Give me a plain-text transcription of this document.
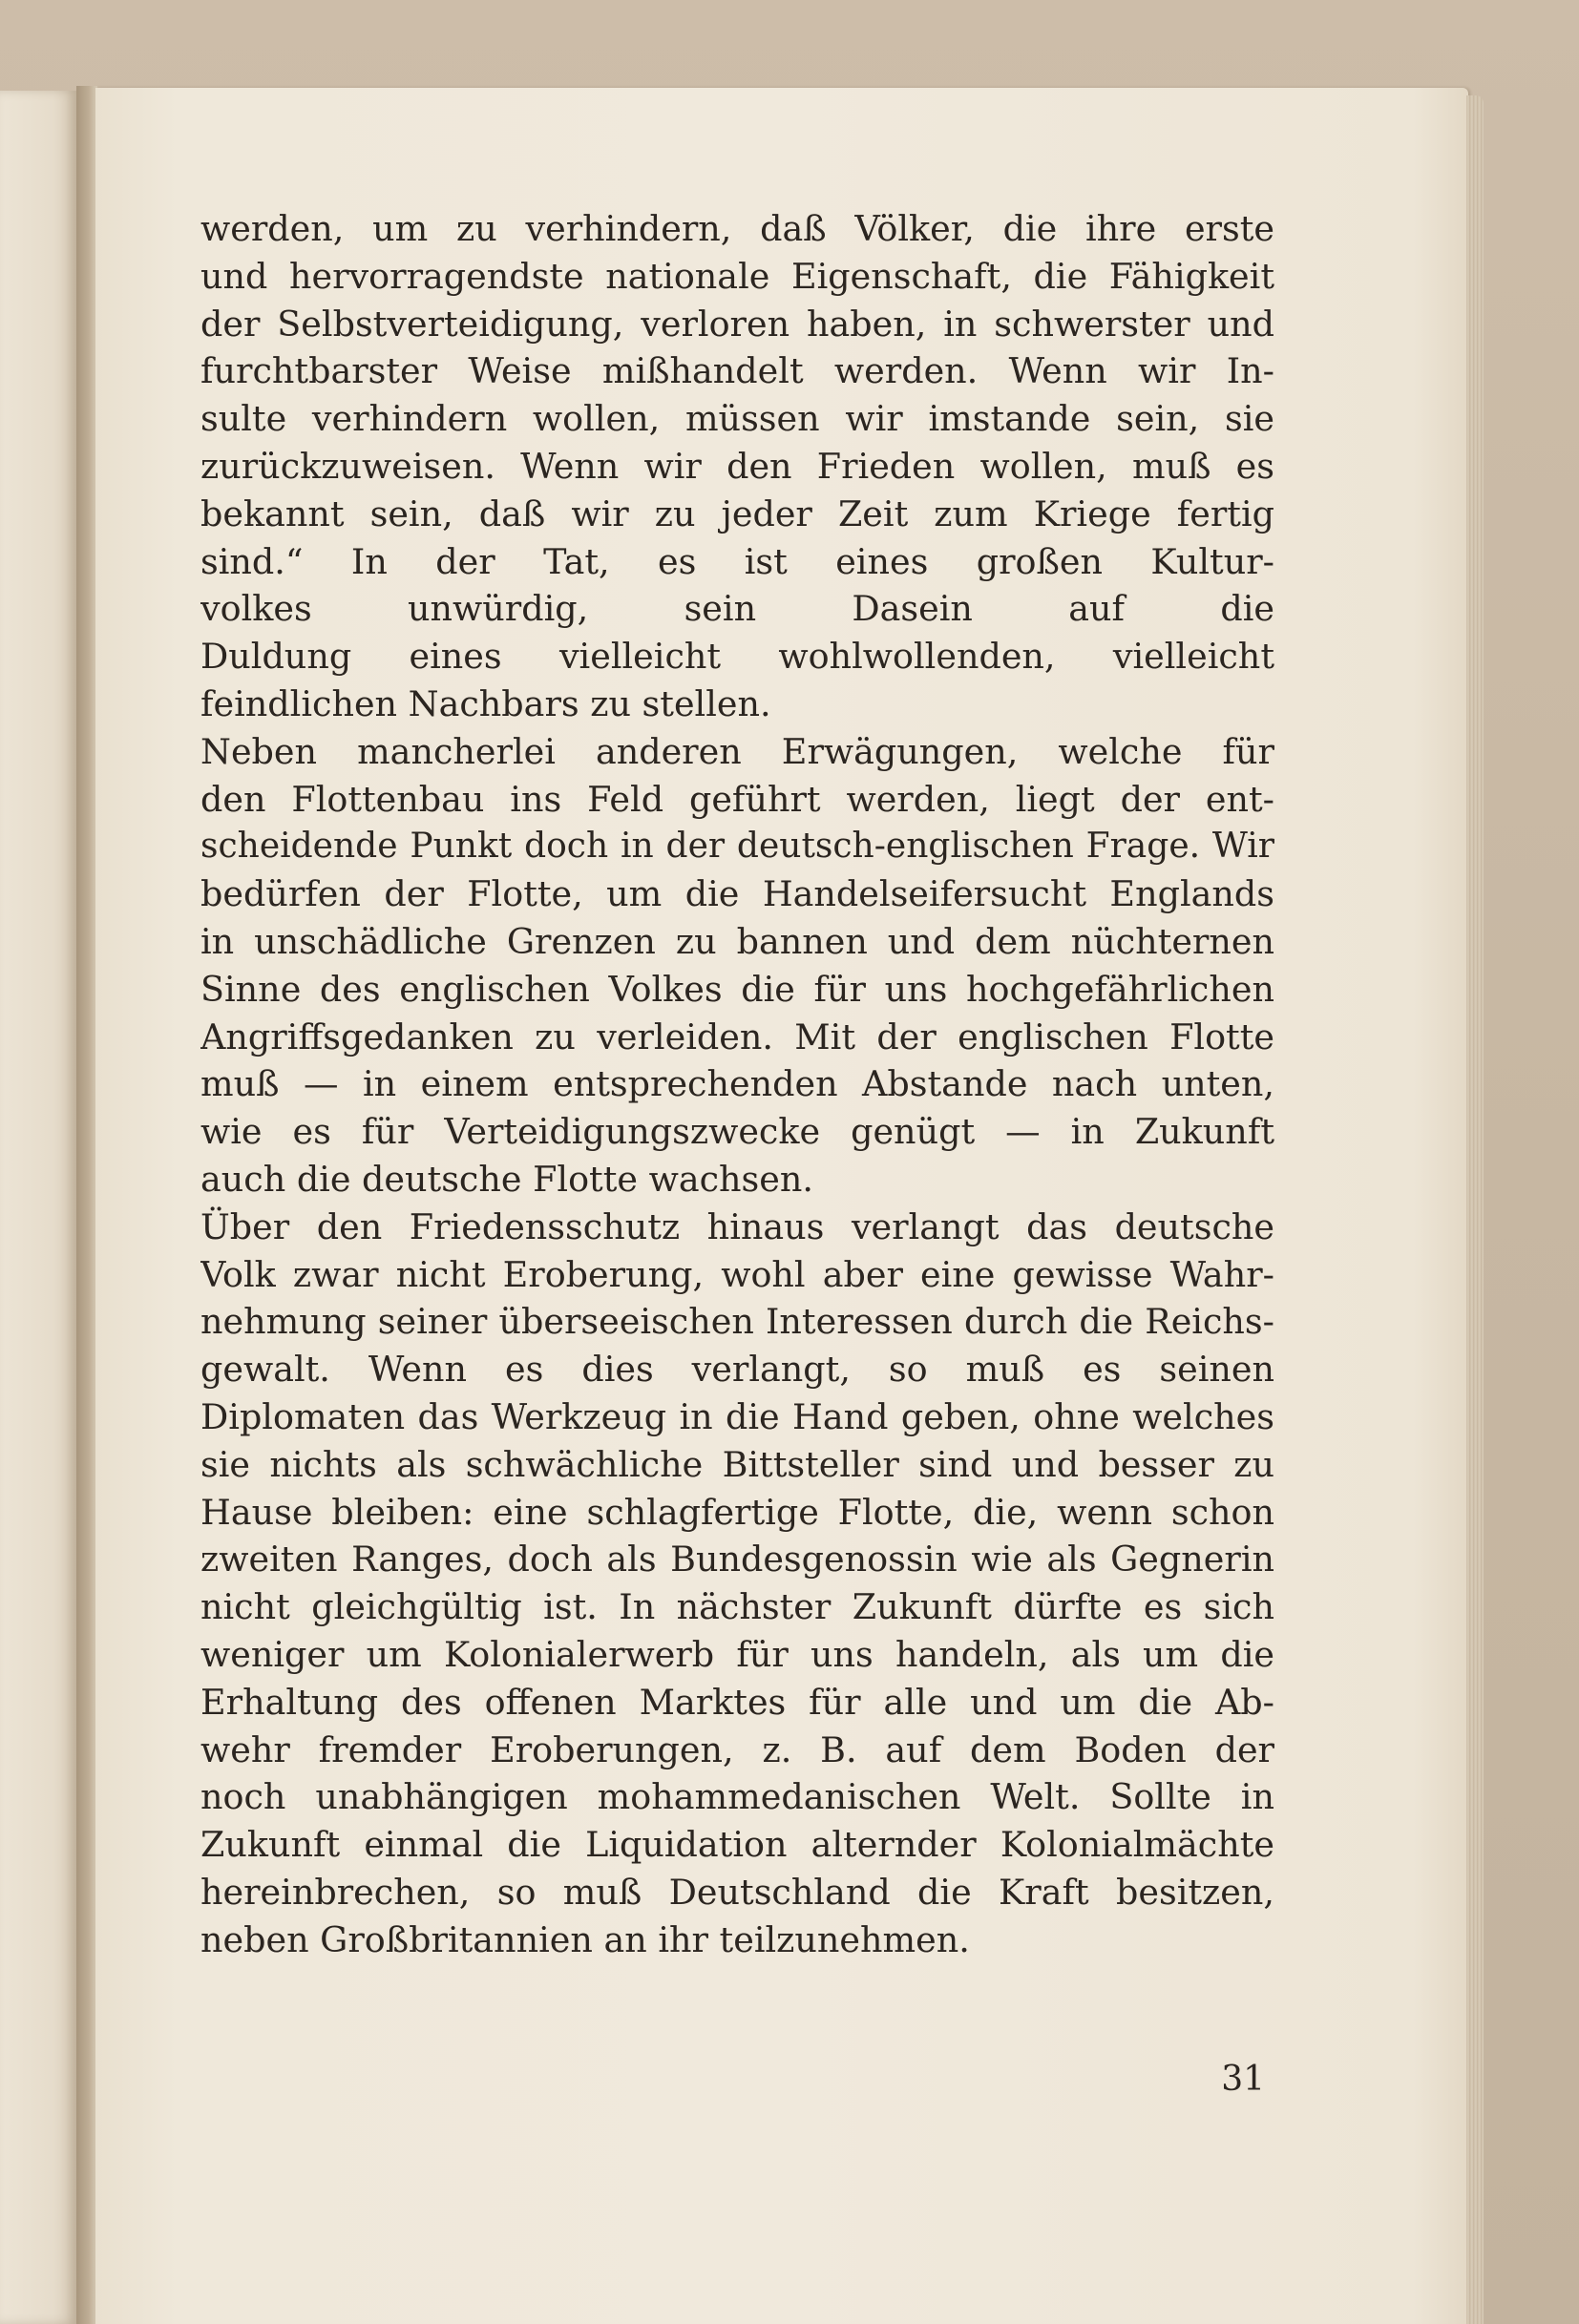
werden, um zu verhindern, daß Völker, die ihre erste
und hervorragendste nationale Eigenschaft, die Fähigkeit
der Selbstverteidigung, verloren haben, in schwerster und
furchtbarster Weise mißhandelt werden. Wenn wir In-
sulte verhindern wollen, müssen wir imstande sein, sie
zurückzuweisen. Wenn wir den Frieden wollen, muß es
bekannt sein, daß wir zu jeder Zeit zum Kriege fertig
sind.“ In der Tat, es ist eines großen Kultur-
volkes unwürdig, sein Dasein auf die
Duldung eines vielleicht wohlwollenden, vielleicht
feindlichen Nachbars zu stellen.
Neben mancherlei anderen Erwägungen, welche für
den Flottenbau ins Feld geführt werden, liegt der ent-
scheidende Punkt doch in der deutsch-englischen Frage. Wir
bedürfen der Flotte, um die Handelseifersucht Englands
in unschädliche Grenzen zu bannen und dem nüchternen
Sinne des englischen Volkes die für uns hochgefährlichen
Angriffsgedanken zu verleiden. Mit der englischen Flotte
muß — in einem entsprechenden Abstande nach unten,
wie es für Verteidigungszwecke genügt — in Zukunft
auch die deutsche Flotte wachsen.
Über den Friedensschutz hinaus verlangt das deutsche
Volk zwar nicht Eroberung, wohl aber eine gewisse Wahr-
nehmung seiner überseeischen Interessen durch die Reichs-
gewalt. Wenn es dies verlangt, so muß es seinen
Diplomaten das Werkzeug in die Hand geben, ohne welches
sie nichts als schwächliche Bittsteller sind und besser zu
Hause bleiben: eine schlagfertige Flotte, die, wenn schon
zweiten Ranges, doch als Bundesgenossin wie als Gegnerin
nicht gleichgültig ist. In nächster Zukunft dürfte es sich
weniger um Kolonialerwerb für uns handeln, als um die
Erhaltung des offenen Marktes für alle und um die Ab-
wehr fremder Eroberungen, z. B. auf dem Boden der
noch unabhängigen mohammedanischen Welt. Sollte in
Zukunft einmal die Liquidation alternder Kolonialmächte
hereinbrechen, so muß Deutschland die Kraft besitzen,
neben Großbritannien an ihr teilzunehmen.
31
